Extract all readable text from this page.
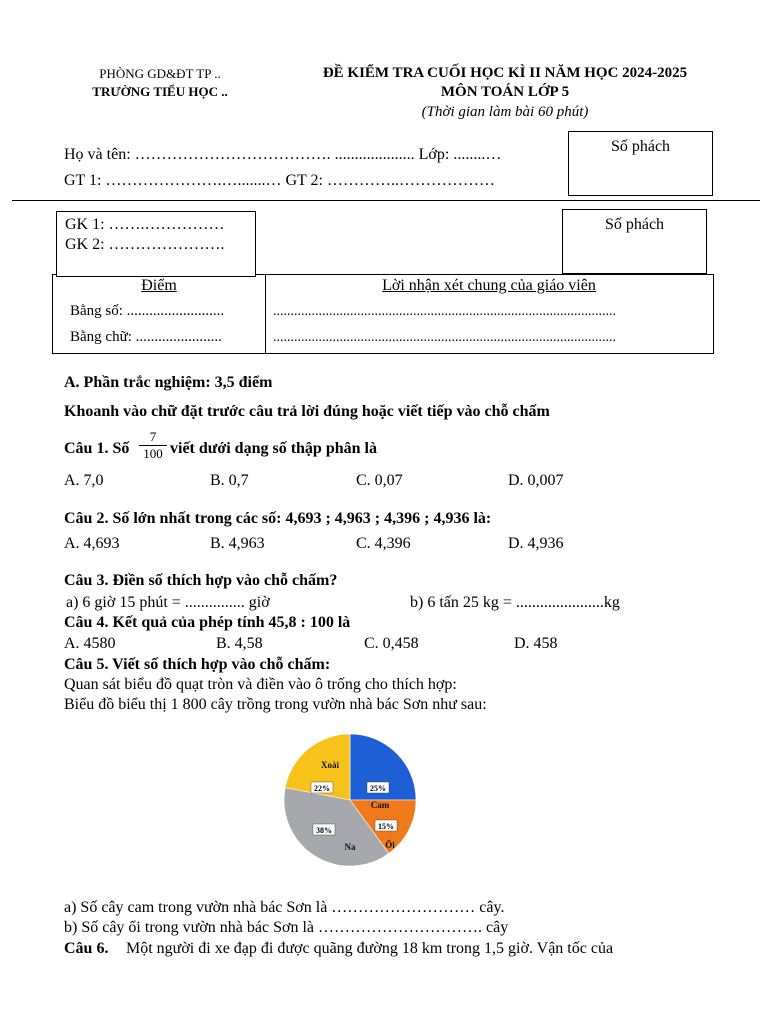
PHÒNG GD&ĐT TP ..
TRƯỜNG TIỂU HỌC ..
ĐỀ KIỂM TRA CUỐI HỌC KÌ II NĂM HỌC 2024-2025
MÔN TOÁN LỚP 5
(Thời gian làm bài 60 phút)
Họ và tên: ………………………………. .................... Lớp: ........…
GT 1: ………………….….......… GT 2: …………..………………
Số phách
Điểm
Bằng số: ..........................
Bằng chữ: .......................
Lời nhận xét chung của giáo viên
..................................................................................................
..................................................................................................
GK 1: …….……………
GK 2: ………………….
Số phách
A. Phần trắc nghiệm: 3,5 điểm
Khoanh vào chữ đặt trước câu trả lời đúng hoặc viết tiếp vào chỗ chấm
Câu 1. Số
7
100 viết dưới dạng số thập phân là
A. 7,0	B. 0,7	C. 0,07	D. 0,007
Câu 2. Số lớn nhất trong các số: 4,693 ; 4,963 ; 4,396 ; 4,936 là:
A. 4,693	B. 4,963	C. 4,396	D. 4,936
Câu 3. Điền số thích hợp vào chỗ chấm?
a) 6 giờ 15 phút = ............... giờ	b) 6 tấn 25 kg = ......................kg
Câu 4. Kết quả của phép tính 45,8 : 100 là
A. 4580	B. 4,58	C. 0,458	D. 458
Câu 5. Viết số thích hợp vào chỗ chấm:
Quan sát biểu đồ quạt tròn và điền vào ô trống cho thích hợp:
Biểu đồ biểu thị 1 800 cây trồng trong vườn nhà bác Sơn như sau:
25%
Cam
15%
Ổi
38%
Na
22%
Xoài
a) Số cây cam trong vườn nhà bác Sơn là ……………………… cây.
b) Số cây ổi trong vườn nhà bác Sơn là …………………………. cây
Câu 6. Một người đi xe đạp đi được quãng đường 18 km trong 1,5 giờ. Vận tốc của
